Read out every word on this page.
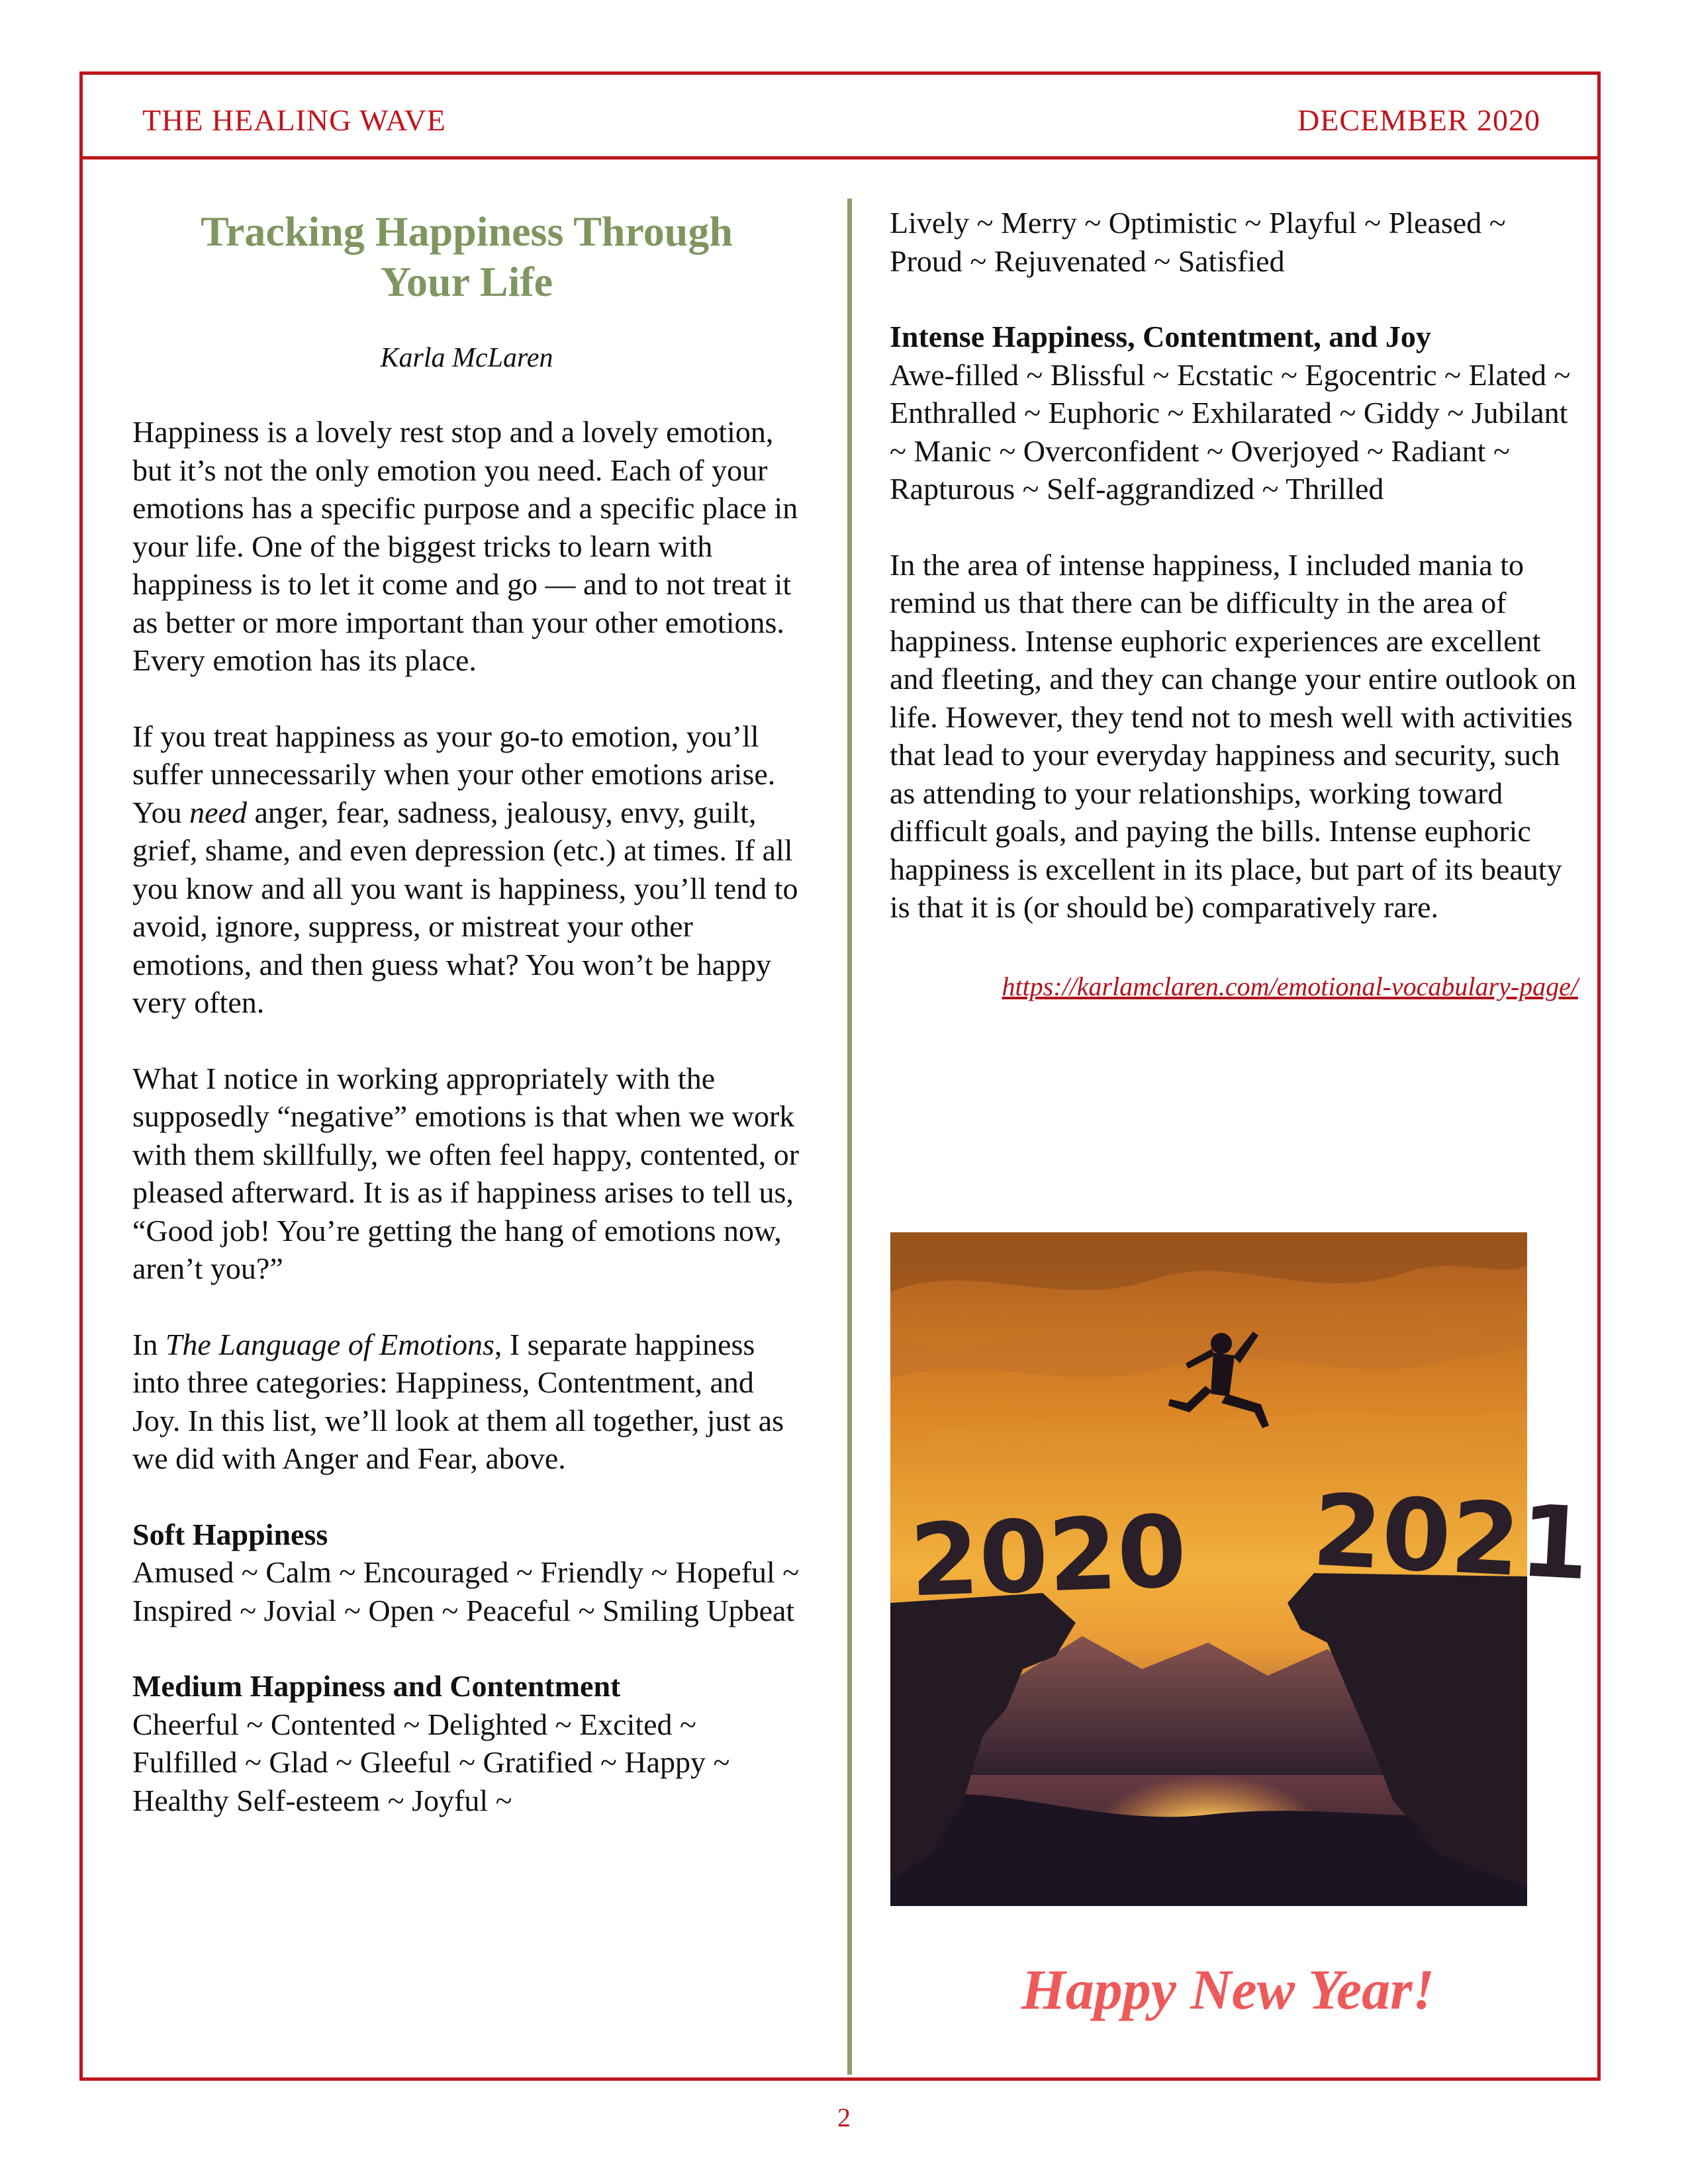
THE HEALING WAVE	DECEMBER 2020
Tracking Happiness Through
Your Life
Karla McLaren

Happiness is a lovely rest stop and a lovely emotion, but it’s not the only emotion you need. Each of your emotions has a specific purpose and a specific place in your life. One of the biggest tricks to learn with happiness is to let it come and go — and to not treat it as better or more important than your other emotions. Every emotion has its place.

If you treat happiness as your go-to emotion, you’ll suffer unnecessarily when your other emotions arise. You need anger, fear, sadness, jealousy, envy, guilt, grief, shame, and even depression (etc.) at times. If all you know and all you want is happiness, you’ll tend to avoid, ignore, suppress, or mistreat your other emotions, and then guess what? You won’t be happy very often.

What I notice in working appropriately with the supposedly “negative” emotions is that when we work with them skillfully, we often feel happy, contented, or pleased afterward. It is as if happiness arises to tell us, “Good job! You’re getting the hang of emotions now, aren’t you?”

In The Language of Emotions, I separate happiness into three categories: Happiness, Contentment, and Joy. In this list, we’ll look at them all together, just as we did with Anger and Fear, above.

Soft Happiness

Amused ~ Calm ~ Encouraged ~ Friendly ~ Hopeful ~ Inspired ~ Jovial ~ Open ~ Peaceful ~ Smiling Upbeat

Medium Happiness and Contentment

Cheerful ~ Contented ~ Delighted ~ Excited ~ Fulfilled ~ Glad ~ Gleeful ~ Gratified ~ Happy ~ Healthy Self-esteem ~ Joyful ~

Lively ~ Merry ~ Optimistic ~ Playful ~ Pleased ~ Proud ~ Rejuvenated ~ Satisfied

Intense Happiness, Contentment, and Joy

Awe-filled ~ Blissful ~ Ecstatic ~ Egocentric ~ Elated ~ Enthralled ~ Euphoric ~ Exhilarated ~ Giddy ~ Jubilant ~ Manic ~ Overconfident ~ Overjoyed ~ Radiant ~ Rapturous ~ Self-aggrandized ~ Thrilled

In the area of intense happiness, I included mania to remind us that there can be difficulty in the area of happiness. Intense euphoric experiences are excellent and fleeting, and they can change your entire outlook on life. However, they tend not to mesh well with activities that lead to your everyday happiness and security, such as attending to your relationships, working toward difficult goals, and paying the bills. Intense euphoric happiness is excellent in its place, but part of its beauty is that it is (or should be) comparatively rare.

https://karlamclaren.com/emotional-vocabulary-page/
2020 2021
Happy New Year!
2
